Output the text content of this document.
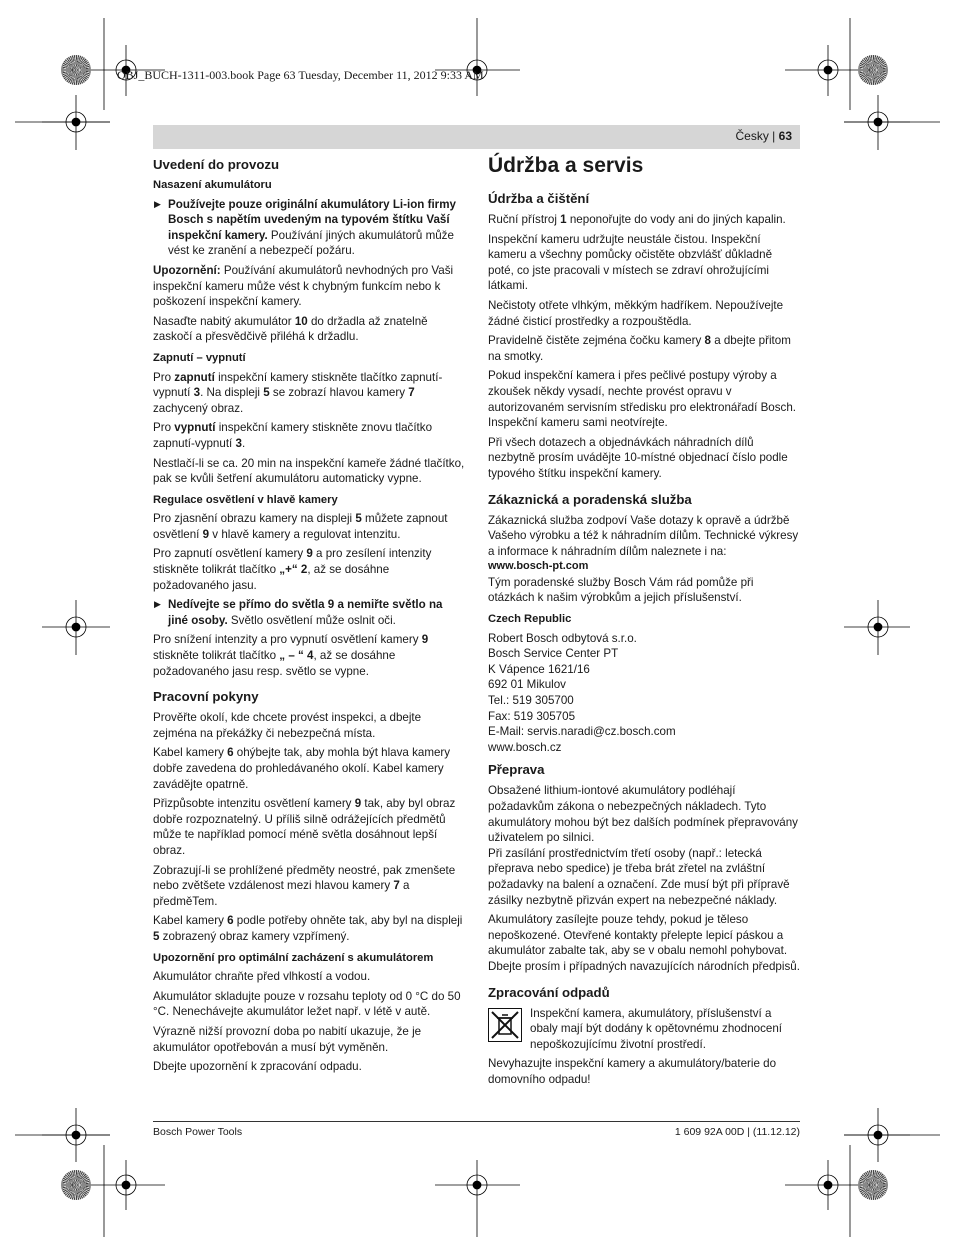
OBJ_BUCH-1311-003.book Page 63 Tuesday, December 11, 2012 9:33 AM
Česky | 63
Uvedení do provozu
Nasazení akumulátoru

▶ Používejte pouze originální akumulátory Li-ion firmy Bosch s napětím uvedeným na typovém štítku Vaší inspekční kamery. Používání jiných akumulátorů může vést ke zranění a nebezpečí požáru.

Upozornění: Používání akumulátorů nevhodných pro Vaši inspekční kameru může vést k chybným funkcím nebo k poškození inspekční kamery.

Nasaďte nabitý akumulátor 10 do držadla až znatelně zaskočí a přesvědčivě přiléhá k držadlu.

Zapnutí – vypnutí

Pro zapnutí inspekční kamery stiskněte tlačítko zapnutí-vypnutí 3. Na displeji 5 se zobrazí hlavou kamery 7 zachycený obraz.

Pro vypnutí inspekční kamery stiskněte znovu tlačítko zapnutí-vypnutí 3.

Nestlačí-li se ca. 20 min na inspekční kameře žádné tlačítko, pak se kvůli šetření akumulátoru automaticky vypne.

Regulace osvětlení v hlavě kamery

Pro zjasnění obrazu kamery na displeji 5 můžete zapnout osvětlení 9 v hlavě kamery a regulovat intenzitu.

Pro zapnutí osvětlení kamery 9 a pro zesílení intenzity stiskněte tolikrát tlačítko „+“ 2, až se dosáhne požadovaného jasu.

▶ Nedívejte se přímo do světla 9 a nemiřte světlo na jiné osoby. Světlo osvětlení může oslnit oči.

Pro snížení intenzity a pro vypnutí osvětlení kamery 9 stiskněte tolikrát tlačítko „ – “ 4, až se dosáhne požadovaného jasu resp. světlo se vypne.

Pracovní pokyny

Prověřte okolí, kde chcete provést inspekci, a dbejte zejména na překážky či nebezpečná místa.

Kabel kamery 6 ohýbejte tak, aby mohla být hlava kamery dobře zavedena do prohledávaného okolí. Kabel kamery zavádějte opatrně.

Přizpůsobte intenzitu osvětlení kamery 9 tak, aby byl obraz dobře rozpoznatelný. U příliš silně odrážejících předmětů může te například pomocí méně světla dosáhnout lepší obraz.

Zobrazují-li se prohlížené předměty neostré, pak zmenšete nebo zvětšete vzdálenost mezi hlavou kamery 7 a předměTem.

Kabel kamery 6 podle potřeby ohněte tak, aby byl na displeji 5 zobrazený obraz kamery vzpřímený.

Upozornění pro optimální zacházení s akumulátorem

Akumulátor chraňte před vlhkostí a vodou.

Akumulátor skladujte pouze v rozsahu teploty od 0 °C do 50 °C. Nenechávejte akumulátor ležet např. v létě v autě.

Výrazně nižší provozní doba po nabití ukazuje, že je akumulátor opotřebován a musí být vyměněn.

Dbejte upozornění k zpracování odpadu.

Údržba a servis
Údržba a čištění

Ruční přístroj 1 neponořujte do vody ani do jiných kapalin.

Inspekční kameru udržujte neustále čistou. Inspekční kameru a všechny pomůcky očistěte obzvlášť důkladně poté, co jste pracovali v místech se zdraví ohrožujícími látkami.

Nečistoty otřete vlhkým, měkkým hadříkem. Nepoužívejte žádné čisticí prostředky a rozpouštědla.

Pravidelně čistěte zejména čočku kamery 8 a dbejte přitom na smotky.

Pokud inspekční kamera i přes pečlivé postupy výroby a zkoušek někdy vysadí, nechte provést opravu v autorizovaném servisním středisku pro elektronářadí Bosch. Inspekční kameru sami neotvírejte.

Při všech dotazech a objednávkách náhradních dílů nezbytně prosím uvádějte 10-místné objednací číslo podle typového štítku inspekční kamery.

Zákaznická a poradenská služba

Zákaznická služba zodpoví Vaše dotazy k opravě a údržbě Vašeho výrobku a též k náhradním dílům. Technické výkresy a informace k náhradním dílům naleznete i na:

www.bosch-pt.com

Tým poradenské služby Bosch Vám rád pomůže při otázkách k našim výrobkům a jejich příslušenství.

Czech Republic
Robert Bosch odbytová s.r.o.
Bosch Service Center PT
K Vápence 1621/16
692 01 Mikulov
Tel.: 519 305700
Fax: 519 305705
E-Mail: servis.naradi@cz.bosch.com
www.bosch.cz
Přeprava

Obsažené lithium-iontové akumulátory podléhají požadavkům zákona o nebezpečných nákladech. Tyto akumulátory mohou být bez dalších podmínek přepravovány uživatelem po silnici.

Při zasílání prostřednictvím třetí osoby (např.: letecká přeprava nebo spedice) je třeba brát zřetel na zvláštní požadavky na balení a označení. Zde musí být při přípravě zásilky nezbytně přizván expert na nebezpečné náklady.

Akumulátory zasílejte pouze tehdy, pokud je těleso nepoškozené. Otevřené kontakty přelepte lepicí páskou a akumulátor zabalte tak, aby se v obalu nemohl pohybovat.

Dbejte prosím i případných navazujících národních předpisů.

Zpracování odpadů

Inspekční kamera, akumulátory, příslušenství a obaly mají být dodány k opětovnému zhodnocení nepoškozujícímu životní prostředí.

Nevyhazujte inspekční kamery a akumulátory/baterie do domovního odpadu!

Bosch Power Tools	1 609 92A 00D | (11.12.12)
